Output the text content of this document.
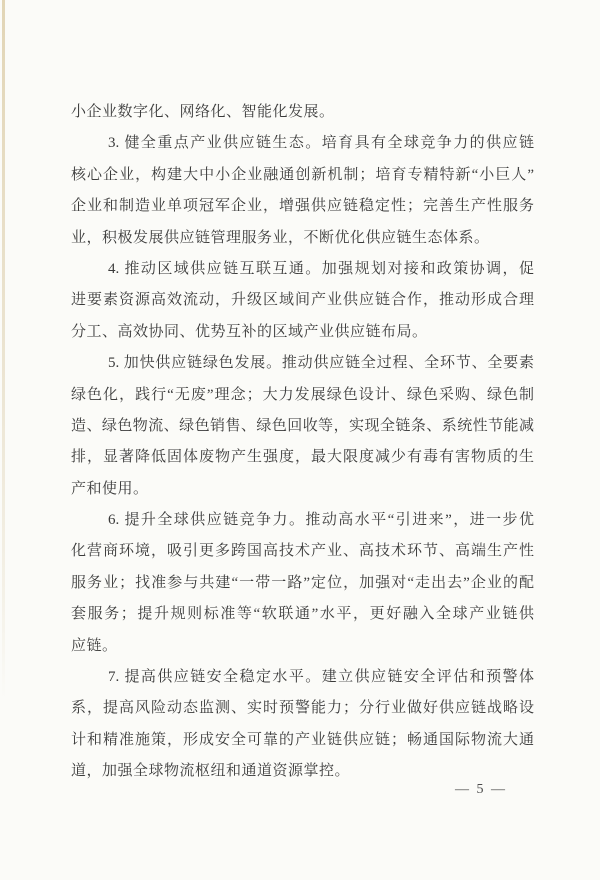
小企业数字化、网络化、智能化发展。
3. 健全重点产业供应链生态。培育具有全球竞争力的供应链
核心企业，构建大中小企业融通创新机制；培育专精特新“小巨人”
企业和制造业单项冠军企业，增强供应链稳定性；完善生产性服务
业，积极发展供应链管理服务业，不断优化供应链生态体系。
4. 推动区域供应链互联互通。加强规划对接和政策协调，促
进要素资源高效流动，升级区域间产业供应链合作，推动形成合理
分工、高效协同、优势互补的区域产业供应链布局。
5. 加快供应链绿色发展。推动供应链全过程、全环节、全要素
绿色化，践行“无废”理念；大力发展绿色设计、绿色采购、绿色制
造、绿色物流、绿色销售、绿色回收等，实现全链条、系统性节能减
排，显著降低固体废物产生强度，最大限度减少有毒有害物质的生
产和使用。
6. 提升全球供应链竞争力。推动高水平“引进来”，进一步优
化营商环境，吸引更多跨国高技术产业、高技术环节、高端生产性
服务业；找准参与共建“一带一路”定位，加强对“走出去”企业的配
套服务；提升规则标准等“软联通”水平，更好融入全球产业链供
应链。
7. 提高供应链安全稳定水平。建立供应链安全评估和预警体
系，提高风险动态监测、实时预警能力；分行业做好供应链战略设
计和精准施策，形成安全可靠的产业链供应链；畅通国际物流大通
道，加强全球物流枢纽和通道资源掌控。
— 5 —
